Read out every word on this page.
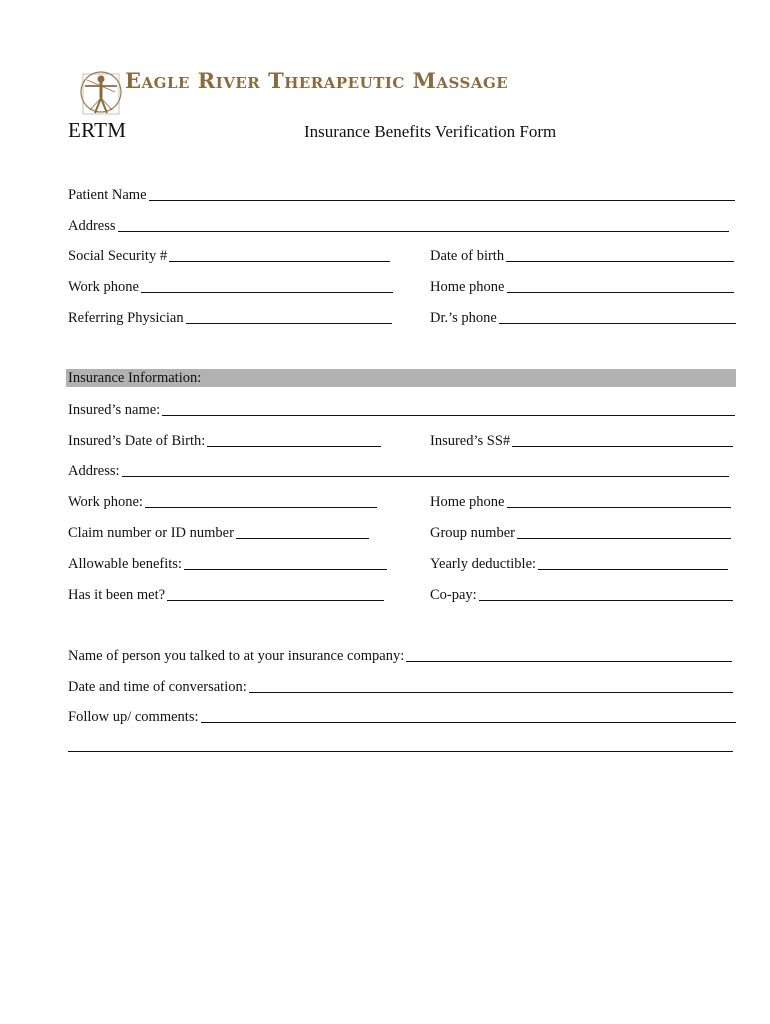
Eagle River Therapeutic Massage
ERTM	Insurance Benefits Verification Form
Patient Name
Address
Social Security #	Date of birth
Work phone	Home phone
Referring Physician	Dr.’s phone
Insurance Information:
Insured’s name:
Insured’s Date of Birth:	Insured’s SS#
Address:
Work phone:	Home phone
Claim number or ID number	Group number
Allowable benefits:	Yearly deductible:
Has it been met?	Co-pay:
Name of person you talked to at your insurance company:
Date and time of conversation:
Follow up/ comments:
